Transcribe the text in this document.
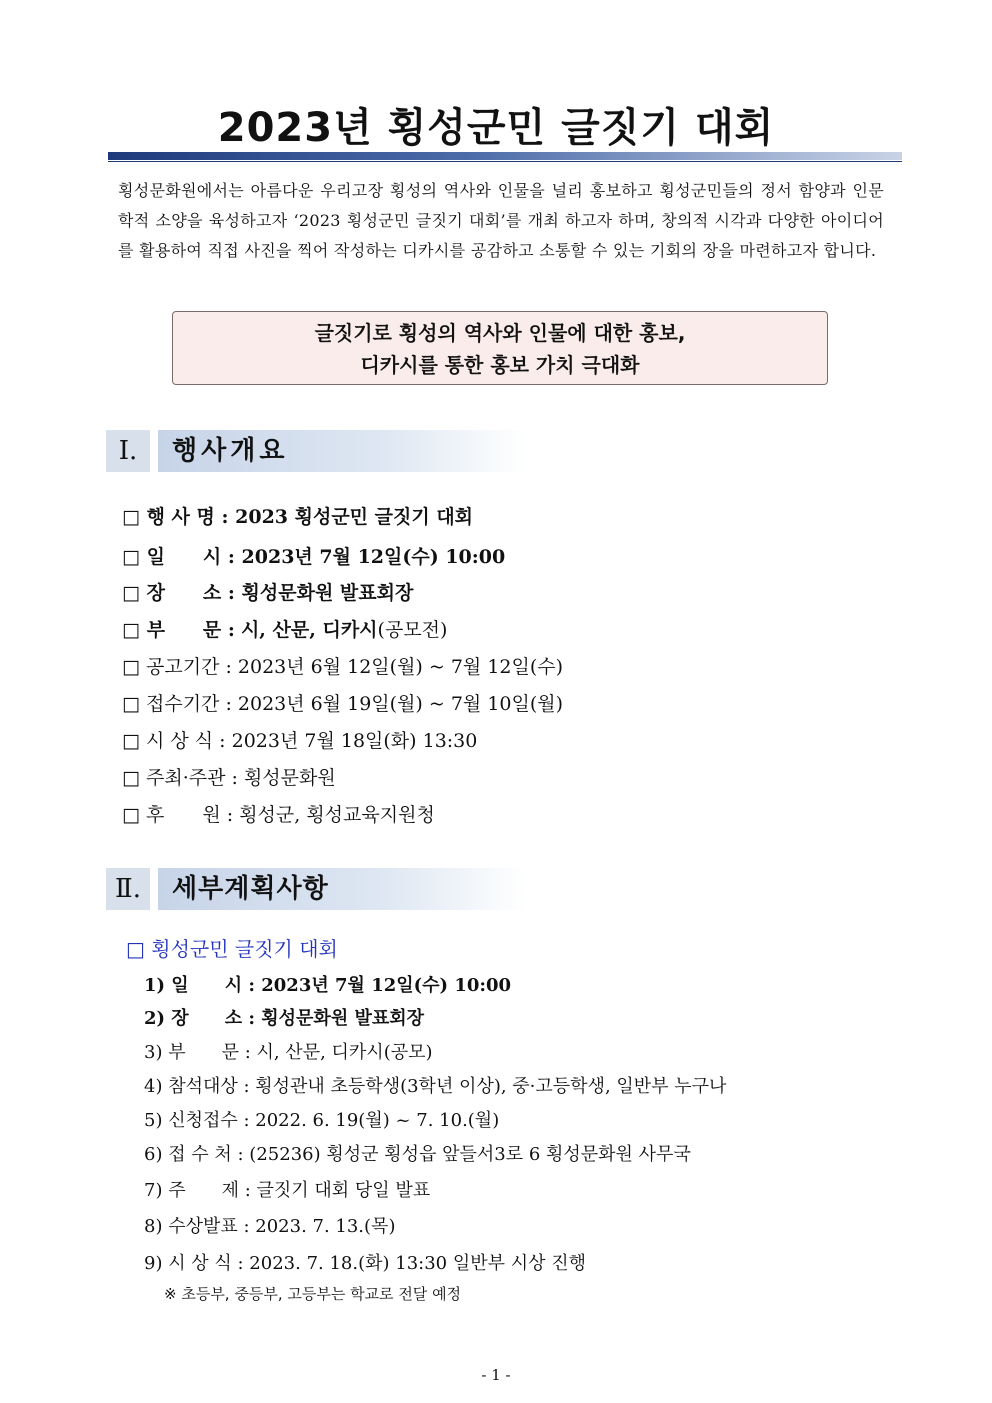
2023년 횡성군민 글짓기 대회
횡성문화원에서는 아름다운 우리고장 횡성의 역사와 인물을 널리 홍보하고 횡성군민들의 정서 함양과 인문학적 소양을 육성하고자 ‘2023 횡성군민 글짓기 대회’를 개최 하고자 하며, 창의적 시각과 다양한 아이디어를 활용하여 직접 사진을 찍어 작성하는 디카시를 공감하고 소통할 수 있는 기회의 장을 마련하고자 합니다.
글짓기로 횡성의 역사와 인물에 대한 홍보,
디카시를 통한 홍보 가치 극대화
Ⅰ.	행사개요
□ 행 사 명 : 2023 횡성군민 글짓기 대회
□ 일　　시 : 2023년 7월 12일(수) 10:00
□ 장　　소 : 횡성문화원 발표회장
□ 부　　문 : 시, 산문, 디카시(공모전)
□ 공고기간 : 2023년 6월 12일(월) ~ 7월 12일(수)
□ 접수기간 : 2023년 6월 19일(월) ~ 7월 10일(월)
□ 시 상 식 : 2023년 7월 18일(화) 13:30
□ 주최·주관 : 횡성문화원
□ 후　　원 : 횡성군, 횡성교육지원청
Ⅱ.	세부계획사항
□ 횡성군민 글짓기 대회
1) 일　　시 : 2023년 7월 12일(수) 10:00
2) 장　　소 : 횡성문화원 발표회장
3) 부　　문 : 시, 산문, 디카시(공모)
4) 참석대상 : 횡성관내 초등학생(3학년 이상), 중·고등학생, 일반부 누구나
5) 신청접수 : 2022. 6. 19(월) ~ 7. 10.(월)
6) 접 수 처 : (25236) 횡성군 횡성읍 앞들서3로 6 횡성문화원 사무국
7) 주　　제 : 글짓기 대회 당일 발표
8) 수상발표 : 2023. 7. 13.(목)
9) 시 상 식 : 2023. 7. 18.(화) 13:30 일반부 시상 진행
※ 초등부, 중등부, 고등부는 학교로 전달 예정
- 1 -
